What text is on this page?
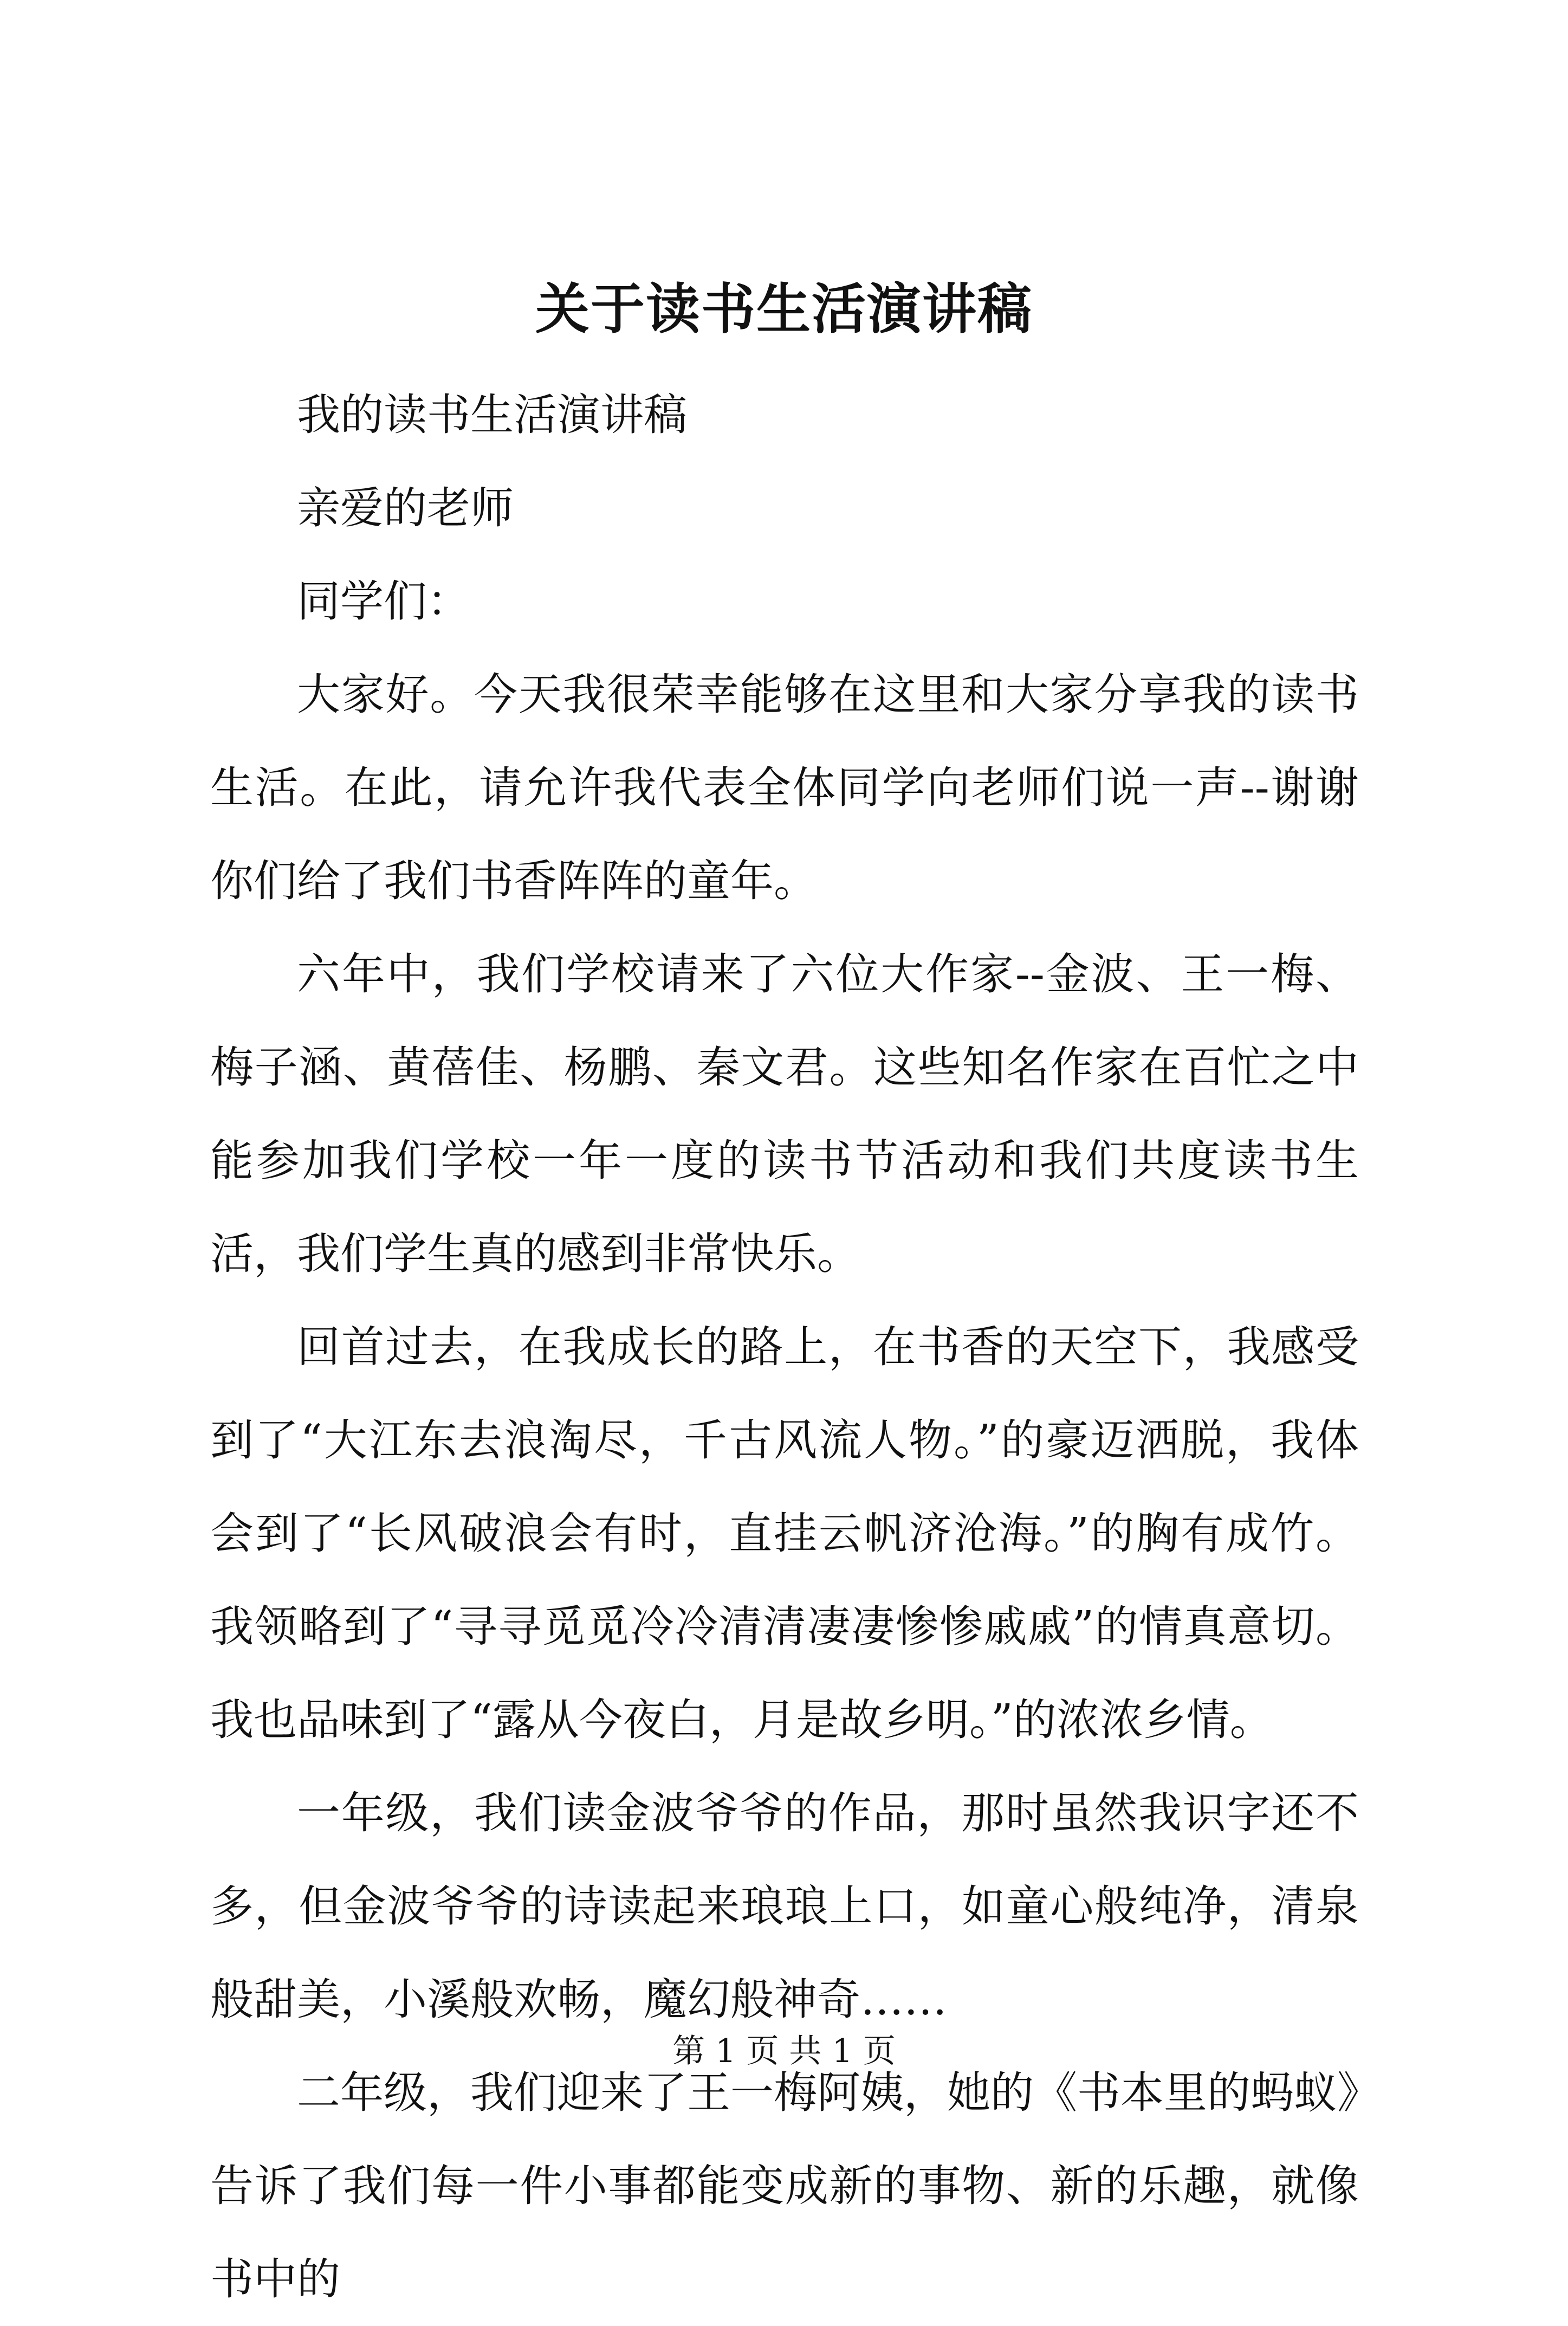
关于读书生活演讲稿

我的读书生活演讲稿

亲爱的老师

同学们：

大家好。今天我很荣幸能够在这里和大家分享我的读书生活。在此，请允许我代表全体同学向老师们说一声--谢谢你们给了我们书香阵阵的童年。

六年中，我们学校请来了六位大作家--金波、王一梅、梅子涵、黄蓓佳、杨鹏、秦文君。这些知名作家在百忙之中能参加我们学校一年一度的读书节活动和我们共度读书生活，我们学生真的感到非常快乐。

回首过去，在我成长的路上，在书香的天空下，我感受到了“大江东去浪淘尽，千古风流人物。”的豪迈洒脱，我体会到了“长风破浪会有时，直挂云帆济沧海。”的胸有成竹。我领略到了“寻寻觅觅冷冷清清凄凄惨惨戚戚”的情真意切。我也品味到了“露从今夜白，月是故乡明。”的浓浓乡情。

一年级，我们读金波爷爷的作品，那时虽然我识字还不多，但金波爷爷的诗读起来琅琅上口，如童心般纯净，清泉般甜美，小溪般欢畅，魔幻般神奇……

二年级，我们迎来了王一梅阿姨，她的《书本里的蚂蚁》告诉了我们每一件小事都能变成新的事物、新的乐趣，就像书中的

第 1 页 共 1 页
